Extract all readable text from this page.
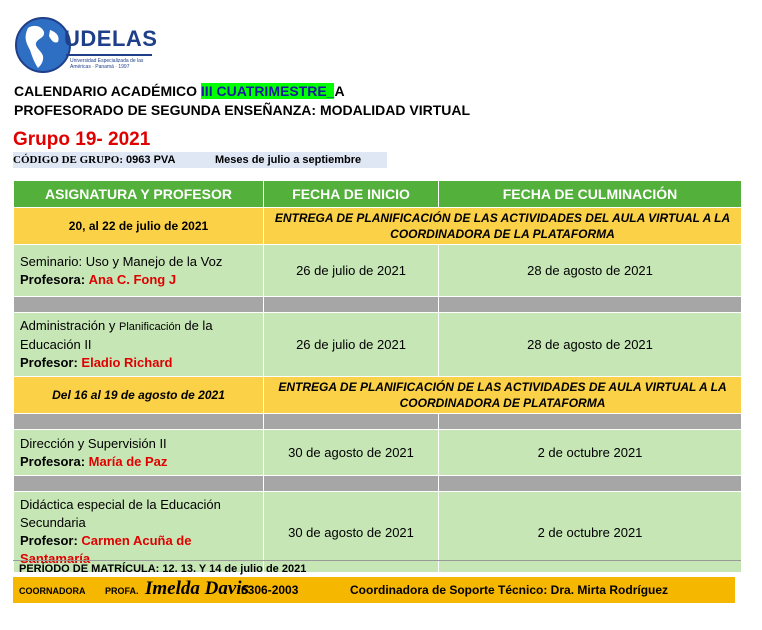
UDELAS
Universidad Especializada de las Américas · Panamá · 1997
CALENDARIO ACADÉMICO III CUATRIMESTRE_A
PROFESORADO DE SEGUNDA ENSEÑANZA: MODALIDAD VIRTUAL
Grupo 19- 2021
CÓDIGO DE GRUPO: 0963 PVA	Meses de julio a septiembre
ASIGNATURA Y PROFESOR	FECHA DE INICIO	FECHA DE CULMINACIÓN
20, al 22 de julio de 2021	ENTREGA DE PLANIFICACIÓN DE LAS ACTIVIDADES DEL AULA VIRTUAL A LA COORDINADORA DE LA PLATAFORMA	

Seminario: Uso y Manejo de la Voz
Profesora: Ana C. Fong J	26 de julio de 2021	28 de agosto de 2021

Administración y Planificación de la Educación II
Profesor: Eladio Richard	26 de julio de 2021	28 de agosto de 2021
Del 16 al 19 de agosto de 2021	ENTREGA DE PLANIFICACIÓN DE LAS ACTIVIDADES DE AULA VIRTUAL A LA COORDINADORA DE PLATAFORMA	

Dirección y Supervisión II
Profesora: María de Paz	30 de agosto de 2021	2 de octubre 2021

Didáctica especial de la Educación Secundaria
Profesor: Carmen Acuña de Santamaría	30 de agosto de 2021	2 de octubre 2021
PERÍODO DE MATRÍCULA: 12. 13. Y 14 de julio de 2021
COORNADORA PROFA. Imelda Davis
6306-2003	Coordinadora de Soporte Técnico: Dra. Mirta Rodríguez
